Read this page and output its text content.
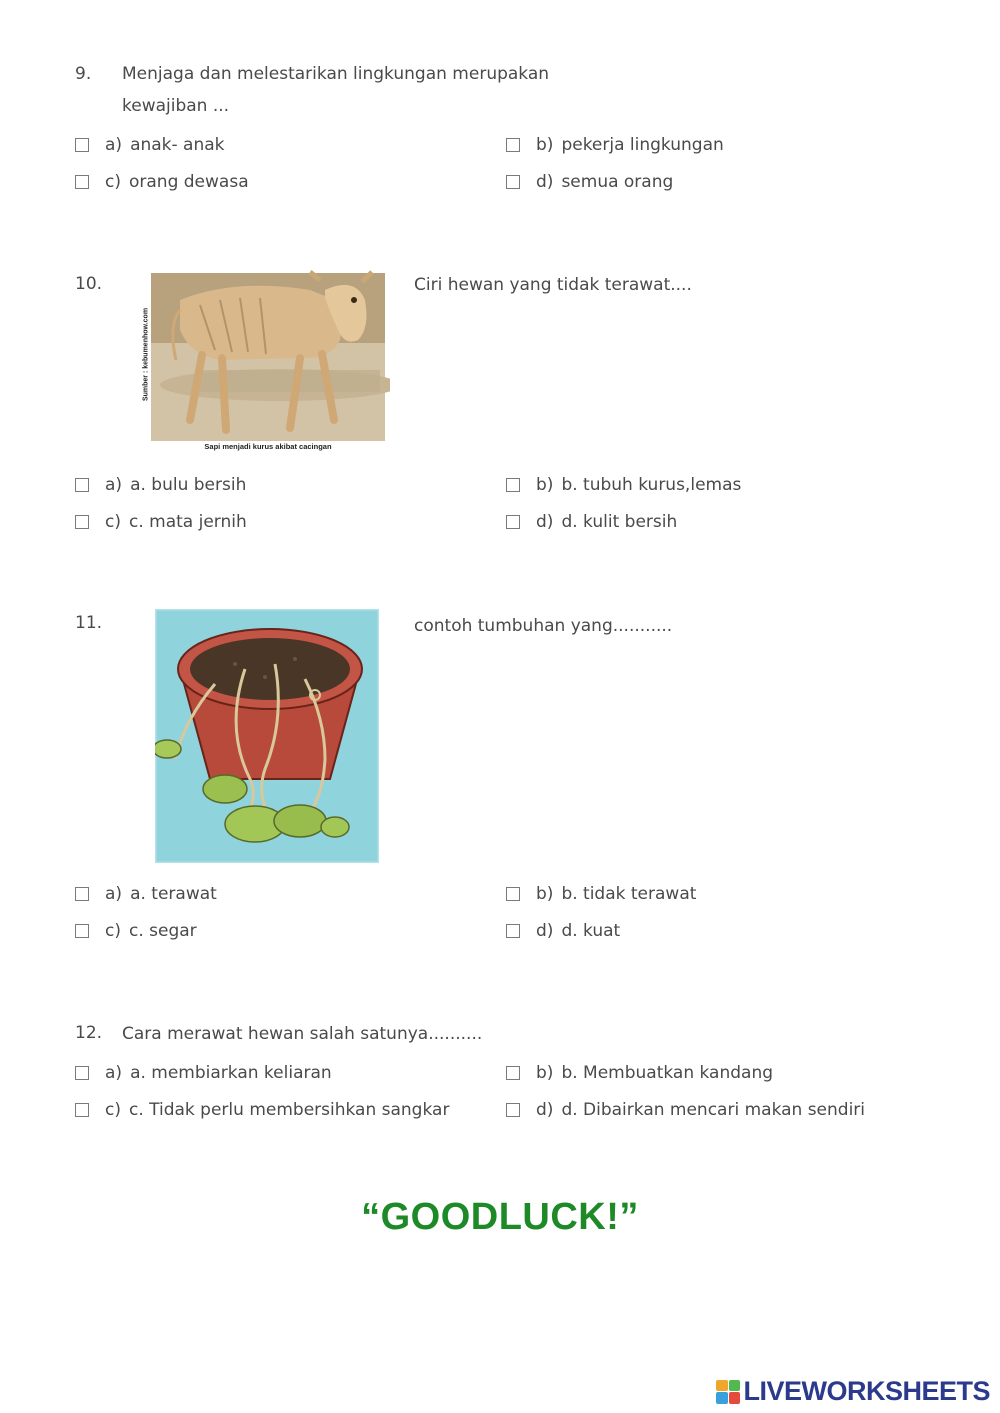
9. Menjaga dan melestarikan lingkungan merupakan
kewajiban ...
a) anak- anak	b) pekerja lingkungan
c) orang dewasa	d) semua orang
10.
Sumber : kebumenhow.com
Sapi menjadi kurus akibat cacingan
Ciri hewan yang tidak terawat....
a) a. bulu bersih	b) b. tubuh kurus,lemas
c) c. mata jernih	d) d. kulit bersih
11.	contoh tumbuhan yang...........
a) a. terawat	b) b. tidak terawat
c) c. segar	d) d. kuat
12. Cara merawat hewan salah satunya..........
a) a. membiarkan keliaran	b) b. Membuatkan kandang
c) c. Tidak perlu membersihkan sangkar	d) d. Dibairkan mencari makan sendiri
“GOODLUCK!”
LIVEWORKSHEETS
